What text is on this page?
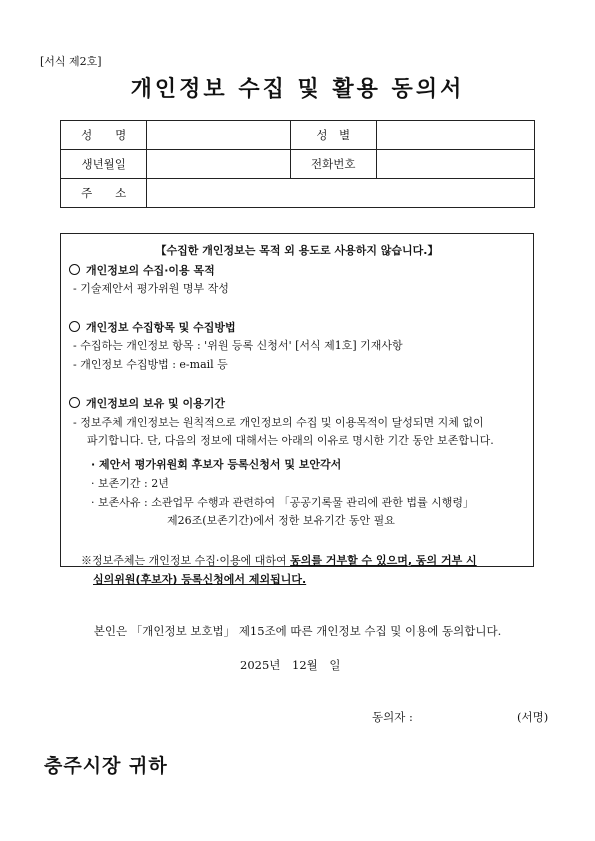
[서식 제2호]
개인정보 수집 및 활용 동의서
성　　명		성　별	
생년월일		전화번호	
주　　소			
【수집한 개인정보는 목적 외 용도로 사용하지 않습니다.】
개인정보의 수집·이용 목적
- 기술제안서 평가위원 명부 작성
개인정보 수집항목 및 수집방법
- 수집하는 개인정보 항목 : '위원 등록 신청서' [서식 제1호] 기재사항
- 개인정보 수집방법 : e-mail 등
개인정보의 보유 및 이용기간
- 정보주체 개인정보는 원칙적으로 개인정보의 수집 및 이용목적이 달성되면 지체 없이
파기합니다. 단, 다음의 정보에 대해서는 아래의 이유로 명시한 기간 동안 보존합니다.
· 제안서 평가위원회 후보자 등록신청서 및 보안각서
· 보존기간 : 2년
· 보존사유 : 소관업무 수행과 관련하여 「공공기록물 관리에 관한 법률 시행령」
제26조(보존기간)에서 정한 보유기간 동안 필요
※정보주체는 개인정보 수집·이용에 대하여 동의를 거부할 수 있으며, 동의 거부 시
심의위원(후보자) 등록신청에서 제외됩니다.
본인은 「개인정보 보호법」 제15조에 따른 개인정보 수집 및 이용에 동의합니다.
2025년 12월 일
동의자 :	(서명)
충주시장 귀하
